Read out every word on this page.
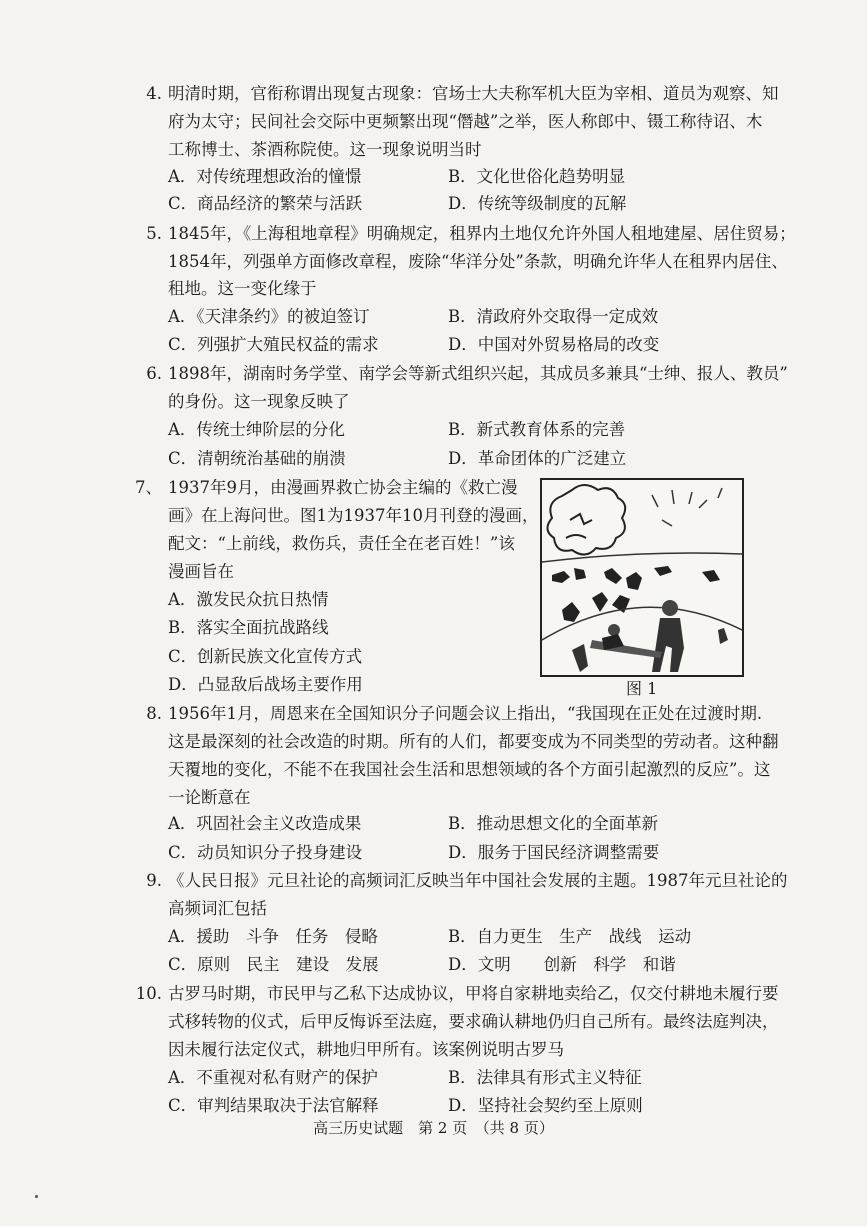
4. 明清时期，官衔称谓出现复古现象：官场士大夫称军机大臣为宰相、道员为观察、知
府为太守；民间社会交际中更频繁出现“僭越”之举，医人称郎中、镊工称待诏、木
工称博士、茶酒称院使。这一现象说明当时
A．对传统理想政治的憧憬	B．文化世俗化趋势明显
C．商品经济的繁荣与活跃	D．传统等级制度的瓦解
5. 1845年，《上海租地章程》明确规定，租界内土地仅允许外国人租地建屋、居住贸易；
1854年，列强单方面修改章程，废除“华洋分处”条款，明确允许华人在租界内居住、
租地。这一变化缘于
A．《天津条约》的被迫签订	B．清政府外交取得一定成效
C．列强扩大殖民权益的需求	D．中国对外贸易格局的改变
6. 1898年，湖南时务学堂、南学会等新式组织兴起，其成员多兼具“士绅、报人、教员”
的身份。这一现象反映了
A．传统士绅阶层的分化	B．新式教育体系的完善
C．清朝统治基础的崩溃	D．革命团体的广泛建立
7、 1937年9月，由漫画界救亡协会主编的《救亡漫
画》在上海问世。图1为1937年10月刊登的漫画，
配文：“上前线，救伤兵，责任全在老百姓！”该
漫画旨在
A．激发民众抗日热情
B．落实全面抗战路线
C．创新民族文化宣传方式
D．凸显敌后战场主要作用	图 1
8. 1956年1月，周恩来在全国知识分子问题会议上指出，“我国现在正处在过渡时期.
这是最深刻的社会改造的时期。所有的人们，都要变成为不同类型的劳动者。这种翻
天覆地的变化，不能不在我国社会生活和思想领域的各个方面引起激烈的反应”。这
一论断意在
A．巩固社会主义改造成果	B．推动思想文化的全面革新
C．动员知识分子投身建设	D．服务于国民经济调整需要
9. 《人民日报》元旦社论的高频词汇反映当年中国社会发展的主题。1987年元旦社论的
高频词汇包括
A．援助　斗争　任务　侵略	B．自力更生　生产　战线　运动
C．原则　民主　建设　发展	D．文明　　创新　科学　和谐
10. 古罗马时期，市民甲与乙私下达成协议，甲将自家耕地卖给乙，仅交付耕地未履行要
式移转物的仪式，后甲反悔诉至法庭，要求确认耕地仍归自己所有。最终法庭判决，
因未履行法定仪式，耕地归甲所有。该案例说明古罗马
A．不重视对私有财产的保护	B．法律具有形式主义特征
C．审判结果取决于法官解释	D．坚持社会契约至上原则
高三历史试题　第 2 页　（共 8 页）
